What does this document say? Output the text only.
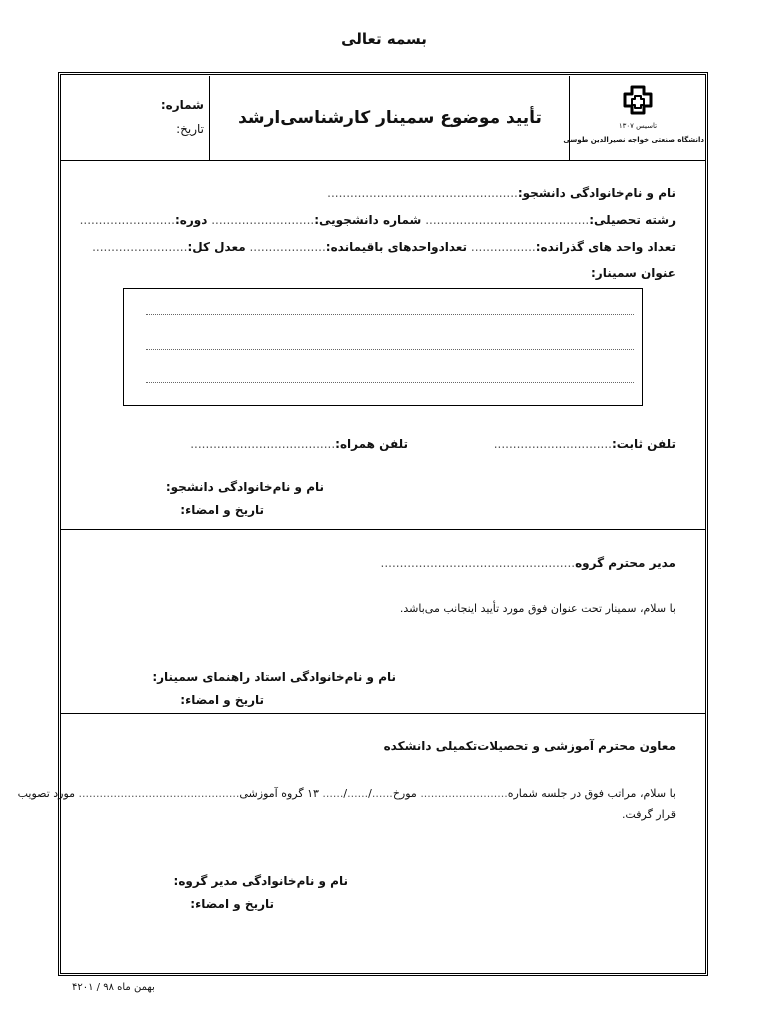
بسمه تعالی
تاسیس ۱۳۰۷
دانشگاه صنعتی خواجه نصیرالدین طوسی
تأیید موضوع سمینار کارشناسی‌ارشد
شماره:
تاریخ:
نام و نام‌خانوادگی دانشجو:..................................................
رشته تحصیلی:........................................... شماره دانشجویی:........................... دوره:.........................
تعداد واحد های گذرانده:................. تعدادواحدهای باقیمانده:.................... معدل کل:.........................
عنوان سمینار:
تلفن ثابت:...............................
تلفن همراه:......................................
نام و نام‌خانوادگی دانشجو:
تاریخ و امضاء:
مدیر محترم گروه...................................................
با سلام، سمینار تحت عنوان فوق مورد تأیید اینجانب می‌باشد.
نام و نام‌خانوادگی استاد راهنمای سمینار:
تاریخ و امضاء:
معاون محترم آموزشی و تحصیلات‌تکمیلی دانشکده
با سلام، مراتب فوق در جلسه شماره......................... مورخ....../....../...... ۱۳ گروه آموزشی.............................................. مورد تصویب
قرار گرفت.
نام و نام‌خانوادگی مدیر گروه:
تاریخ و امضاء:
بهمن ماه ۹۸ / ۴۲۰۱
